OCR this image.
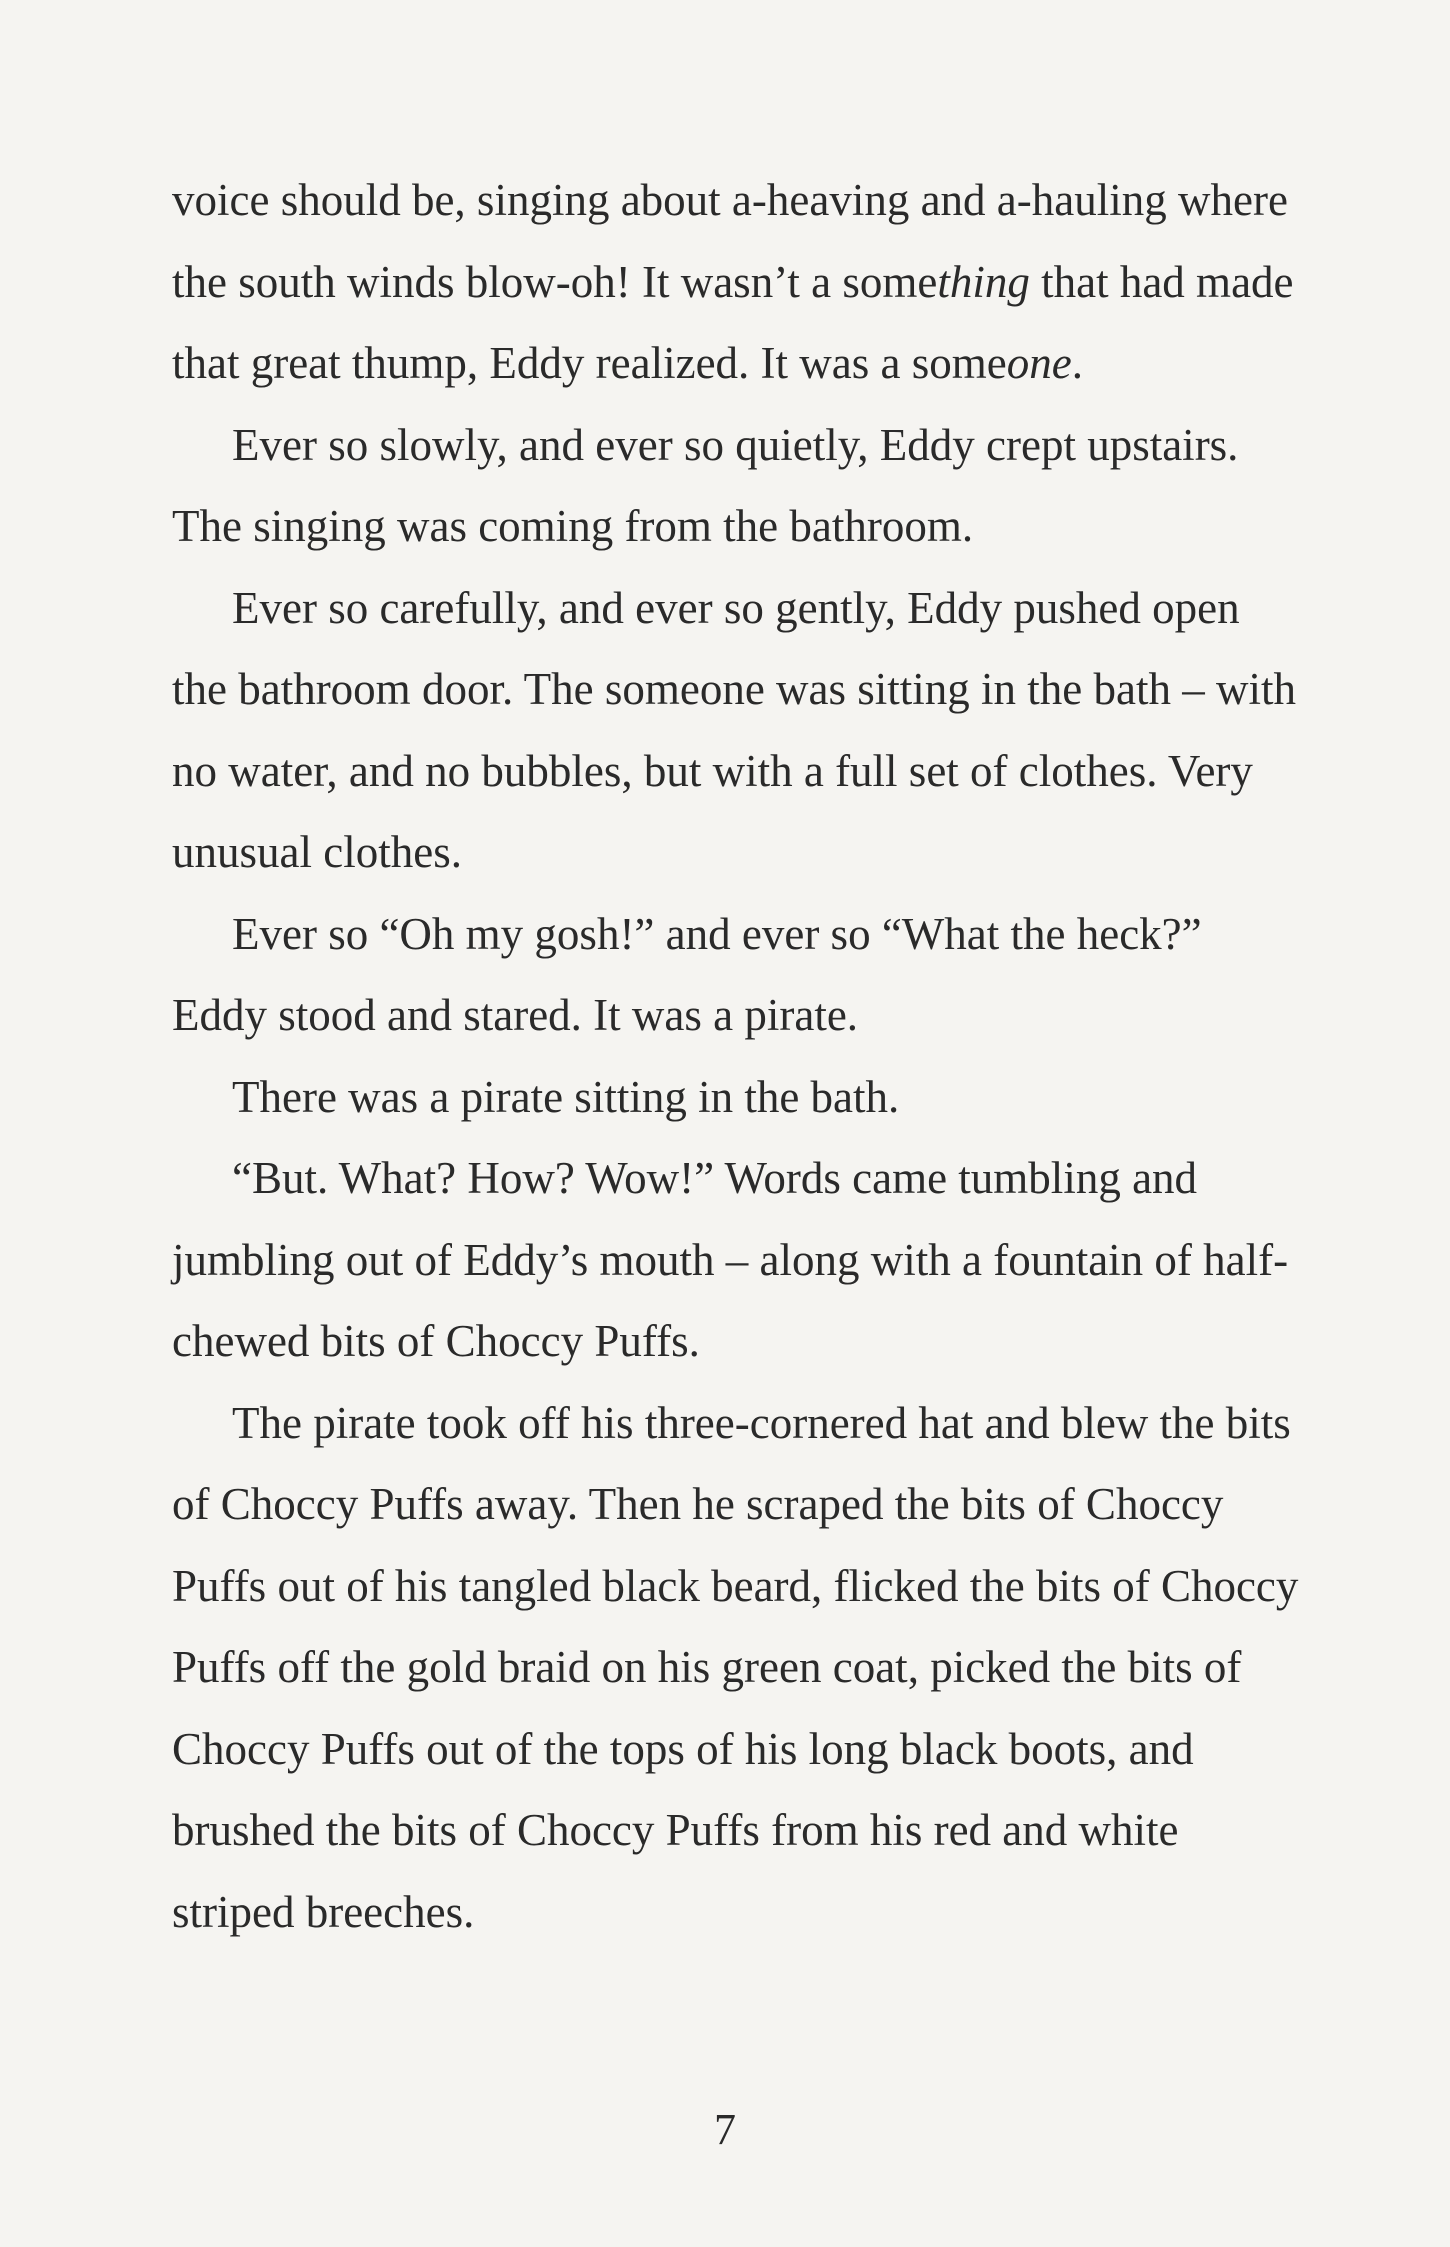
voice should be, singing about a-heaving and a-hauling where the south winds blow-oh! It wasn’t a something that had made that great thump, Eddy realized. It was a someone.

Ever so slowly, and ever so quietly, Eddy crept upstairs. The singing was coming from the bathroom.

Ever so carefully, and ever so gently, Eddy pushed open the bathroom door. The someone was sitting in the bath – with no water, and no bubbles, but with a full set of clothes. Very unusual clothes.

Ever so “Oh my gosh!” and ever so “What the heck?” Eddy stood and stared. It was a pirate.

There was a pirate sitting in the bath.

“But. What? How? Wow!” Words came tumbling and jumbling out of Eddy’s mouth – along with a fountain of half-chewed bits of Choccy Puffs.

The pirate took off his three-cornered hat and blew the bits of Choccy Puffs away. Then he scraped the bits of Choccy Puffs out of his tangled black beard, flicked the bits of Choccy Puffs off the gold braid on his green coat, picked the bits of Choccy Puffs out of the tops of his long black boots, and brushed the bits of Choccy Puffs from his red and white striped breeches.

7
